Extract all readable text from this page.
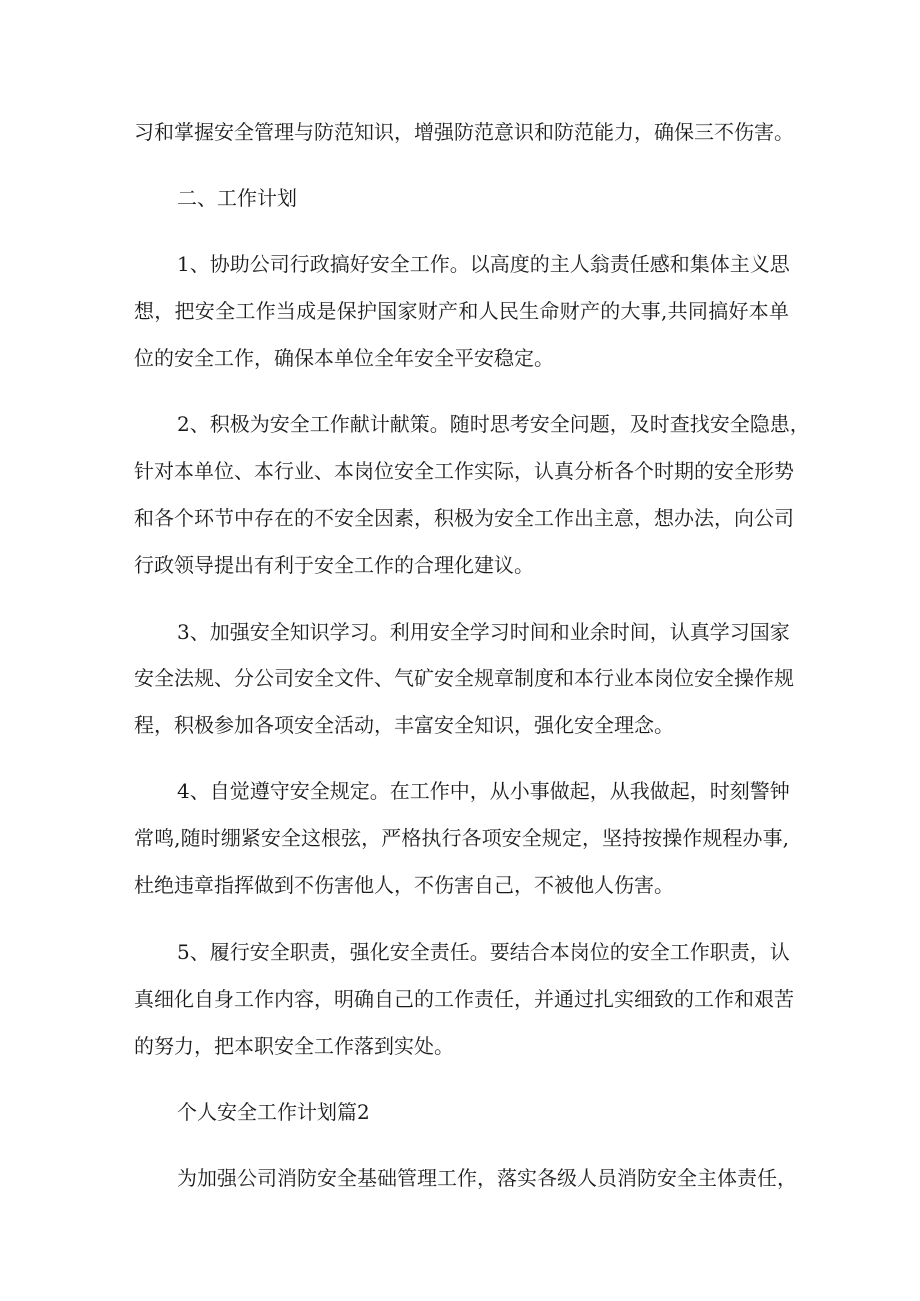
习和掌握安全管理与防范知识，增强防范意识和防范能力，确保三不伤害。
二、工作计划
1、协助公司行政搞好安全工作。以高度的主人翁责任感和集体主义思
想，把安全工作当成是保护国家财产和人民生命财产的大事,共同搞好本单
位的安全工作，确保本单位全年安全平安稳定。
2、积极为安全工作献计献策。随时思考安全问题，及时查找安全隐患，
针对本单位、本行业、本岗位安全工作实际，认真分析各个时期的安全形势
和各个环节中存在的不安全因素，积极为安全工作出主意，想办法，向公司
行政领导提出有利于安全工作的合理化建议。
3、加强安全知识学习。利用安全学习时间和业余时间，认真学习国家
安全法规、分公司安全文件、气矿安全规章制度和本行业本岗位安全操作规
程，积极参加各项安全活动，丰富安全知识，强化安全理念。
4、自觉遵守安全规定。在工作中，从小事做起，从我做起，时刻警钟
常鸣,随时绷紧安全这根弦，严格执行各项安全规定，坚持按操作规程办事,
杜绝违章指挥做到不伤害他人，不伤害自己，不被他人伤害。
5、履行安全职责，强化安全责任。要结合本岗位的安全工作职责，认
真细化自身工作内容，明确自己的工作责任，并通过扎实细致的工作和艰苦
的努力，把本职安全工作落到实处。
个人安全工作计划篇2
为加强公司消防安全基础管理工作，落实各级人员消防安全主体责任，
